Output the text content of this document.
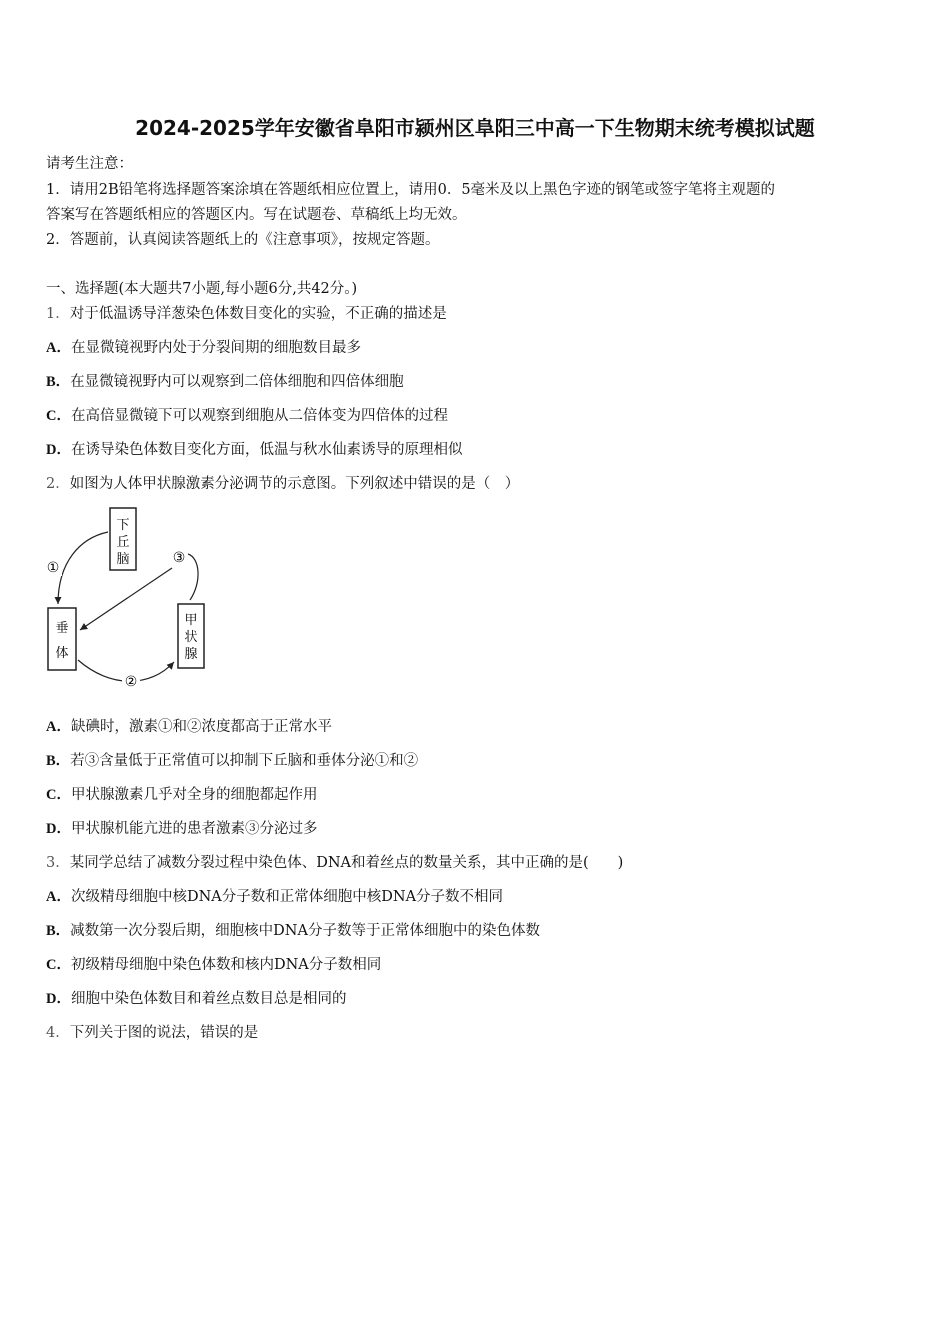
2024-2025学年安徽省阜阳市颍州区阜阳三中高一下生物期末统考模拟试题
请考生注意：
1．请用2B铅笔将选择题答案涂填在答题纸相应位置上，请用0．5毫米及以上黑色字迹的钢笔或签字笔将主观题的
答案写在答题纸相应的答题区内。写在试题卷、草稿纸上均无效。
2．答题前，认真阅读答题纸上的《注意事项》，按规定答题。
一、选择题(本大题共7小题,每小题6分,共42分。)
1．对于低温诱导洋葱染色体数目变化的实验，不正确的描述是
A．在显微镜视野内处于分裂间期的细胞数目最多
B．在显微镜视野内可以观察到二倍体细胞和四倍体细胞
C．在高倍显微镜下可以观察到细胞从二倍体变为四倍体的过程
D．在诱导染色体数目变化方面，低温与秋水仙素诱导的原理相似
2．如图为人体甲状腺激素分泌调节的示意图。下列叙述中错误的是（　）
下
丘
脑
垂
体
甲
状
腺
①
②
③
A．缺碘时，激素①和②浓度都高于正常水平
B．若③含量低于正常值可以抑制下丘脑和垂体分泌①和②
C．甲状腺激素几乎对全身的细胞都起作用
D．甲状腺机能亢进的患者激素③分泌过多
3．某同学总结了减数分裂过程中染色体、DNA和着丝点的数量关系，其中正确的是(　　)
A．次级精母细胞中核DNA分子数和正常体细胞中核DNA分子数不相同
B．减数第一次分裂后期，细胞核中DNA分子数等于正常体细胞中的染色体数
C．初级精母细胞中染色体数和核内DNA分子数相同
D．细胞中染色体数目和着丝点数目总是相同的
4．下列关于图的说法，错误的是
